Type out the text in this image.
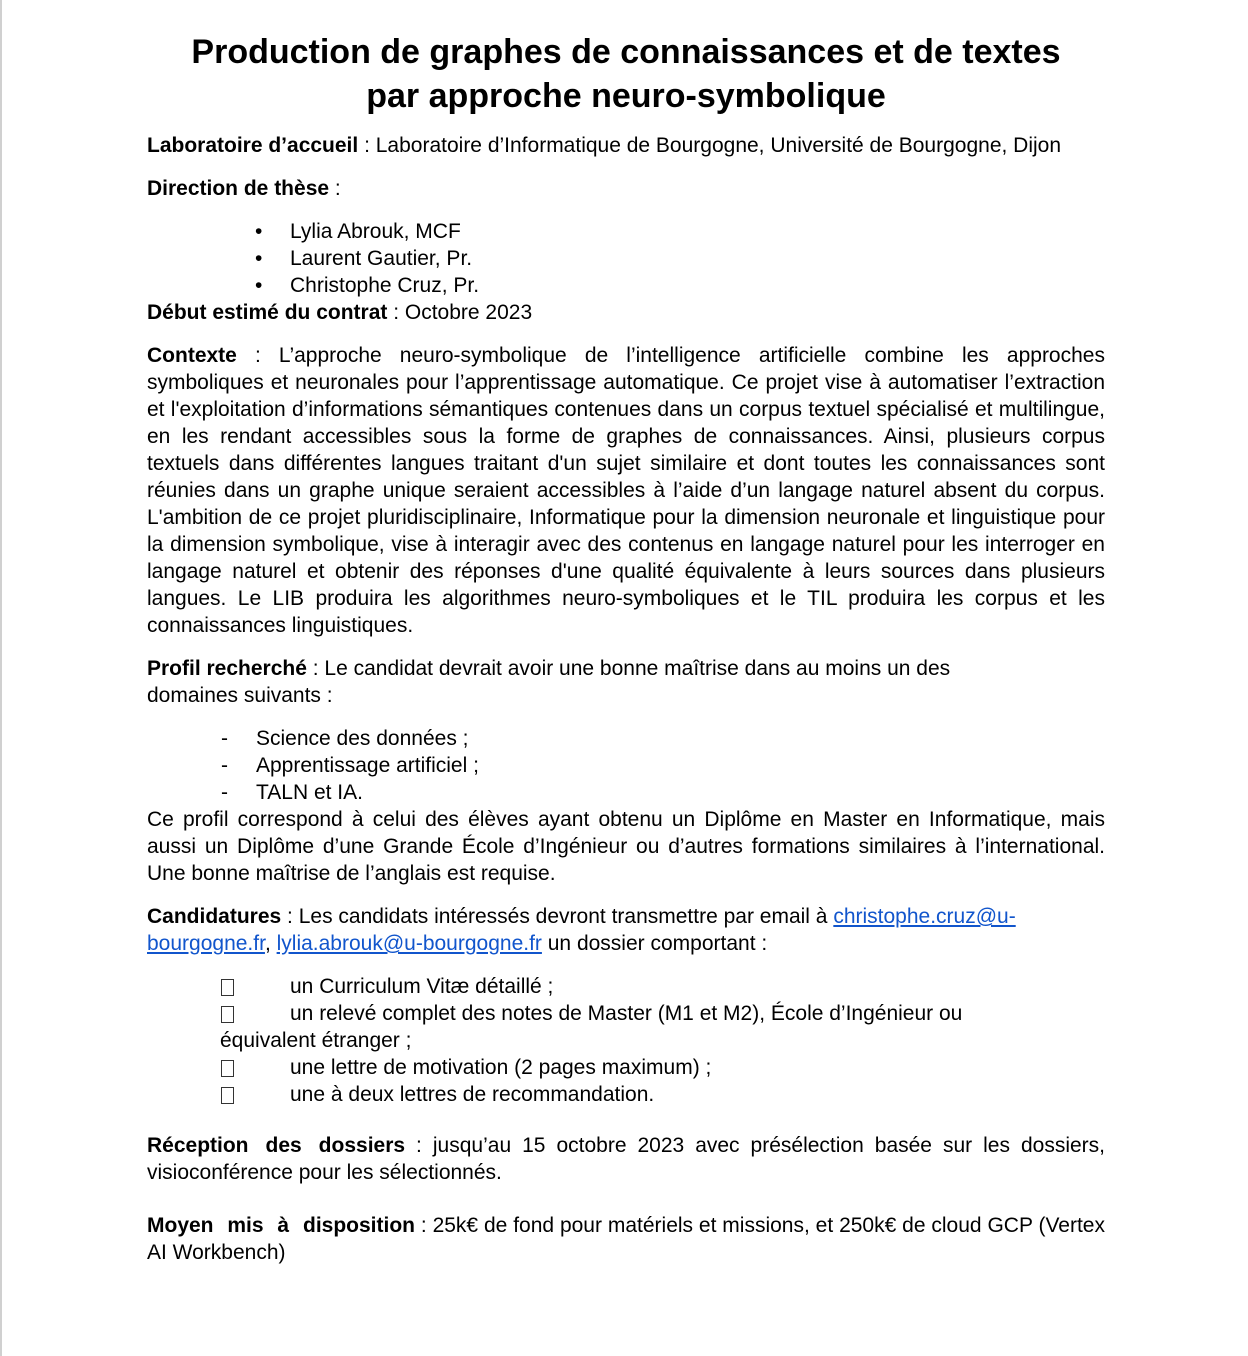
Production de graphes de connaissances et de textes
par approche neuro-symbolique

Laboratoire d’accueil : Laboratoire d’Informatique de Bourgogne, Université de Bourgogne, Dijon

Direction de thèse :

• Lylia Abrouk, MCF
• Laurent Gautier, Pr.
• Christophe Cruz, Pr.

Début estimé du contrat : Octobre 2023

Contexte : L’approche neuro-symbolique de l’intelligence artificielle combine les approches symboliques et neuronales pour l’apprentissage automatique. Ce projet vise à automatiser l’extraction et l'exploitation d’informations sémantiques contenues dans un corpus textuel spécialisé et multilingue, en les rendant accessibles sous la forme de graphes de connaissances. Ainsi, plusieurs corpus textuels dans différentes langues traitant d'un sujet similaire et dont toutes les connaissances sont réunies dans un graphe unique seraient accessibles à l’aide d’un langage naturel absent du corpus. L'ambition de ce projet pluridisciplinaire, Informatique pour la dimension neuronale et linguistique pour la dimension symbolique, vise à interagir avec des contenus en langage naturel pour les interroger en langage naturel et obtenir des réponses d'une qualité équivalente à leurs sources dans plusieurs langues. Le LIB produira les algorithmes neuro-symboliques et le TIL produira les corpus et les connaissances linguistiques.

Profil recherché : Le candidat devrait avoir une bonne maîtrise dans au moins un des domaines suivants :

- Science des données ;
- Apprentissage artificiel ;
- TALN et IA.

Ce profil correspond à celui des élèves ayant obtenu un Diplôme en Master en Informatique, mais aussi un Diplôme d’une Grande École d’Ingénieur ou d’autres formations similaires à l’international. Une bonne maîtrise de l’anglais est requise.

Candidatures : Les candidats intéressés devront transmettre par email à christophe.cruz@u-bourgogne.fr, lylia.abrouk@u-bourgogne.fr un dossier comportant :

un Curriculum Vitæ détaillé ;
un relevé complet des notes de Master (M1 et M2), École d’Ingénieur ou
équivalent étranger ;
une lettre de motivation (2 pages maximum) ;
une à deux lettres de recommandation.

Réception des dossiers : jusqu’au 15 octobre 2023 avec présélection basée sur les dossiers, visioconférence pour les sélectionnés.

Moyen mis à disposition : 25k€ de fond pour matériels et missions, et 250k€ de cloud GCP (Vertex AI Workbench)
